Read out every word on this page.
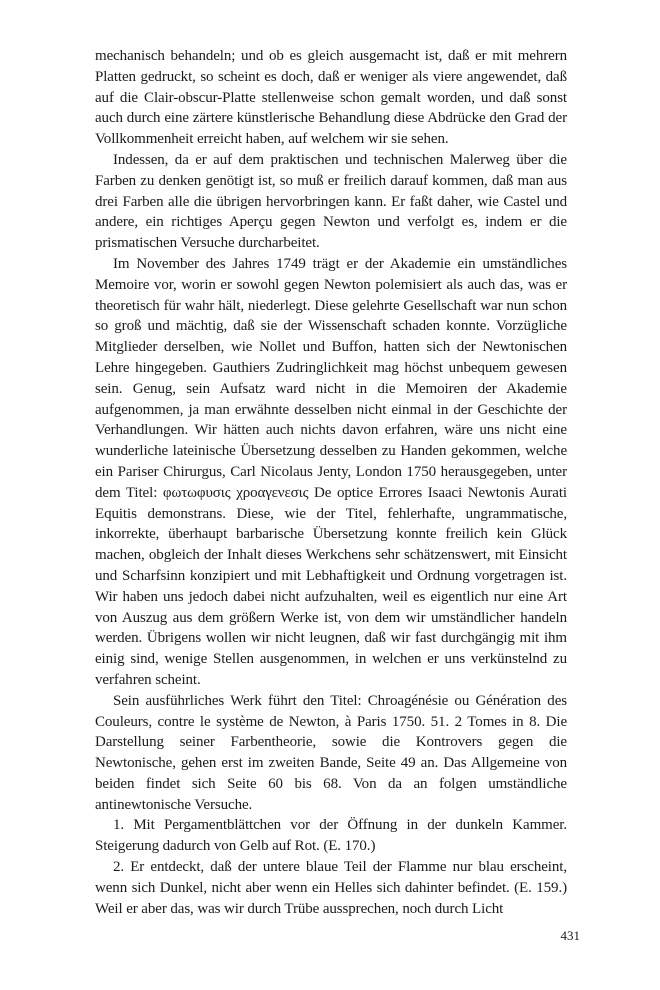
mechanisch behandeln; und ob es gleich ausgemacht ist, daß er mit mehrern Platten gedruckt, so scheint es doch, daß er weniger als viere angewendet, daß auf die Clair-obscur-Platte stellenweise schon gemalt worden, und daß sonst auch durch eine zärtere künstlerische Behandlung diese Abdrücke den Grad der Vollkommenheit erreicht haben, auf welchem wir sie sehen.

Indessen, da er auf dem praktischen und technischen Malerweg über die Farben zu denken genötigt ist, so muß er freilich darauf kommen, daß man aus drei Farben alle die übrigen hervorbringen kann. Er faßt daher, wie Castel und andere, ein richtiges Aperçu gegen Newton und verfolgt es, indem er die prismatischen Versuche durcharbeitet.

Im November des Jahres 1749 trägt er der Akademie ein umständliches Memoire vor, worin er sowohl gegen Newton polemisiert als auch das, was er theoretisch für wahr hält, niederlegt. Diese gelehrte Gesellschaft war nun schon so groß und mächtig, daß sie der Wissenschaft schaden konnte. Vorzügliche Mitglieder derselben, wie Nollet und Buffon, hatten sich der Newtonischen Lehre hingegeben. Gauthiers Zudringlichkeit mag höchst unbequem gewesen sein. Genug, sein Aufsatz ward nicht in die Memoiren der Akademie aufgenommen, ja man erwähnte desselben nicht einmal in der Geschichte der Verhandlungen. Wir hätten auch nichts davon erfahren, wäre uns nicht eine wunderliche lateinische Übersetzung desselben zu Handen gekommen, welche ein Pariser Chirurgus, Carl Nicolaus Jenty, London 1750 herausgegeben, unter dem Titel: φωτωφυσις χροαγενεσις De optice Errores Isaaci Newtonis Aurati Equitis demonstrans. Diese, wie der Titel, fehlerhafte, ungrammatische, inkorrekte, überhaupt barbarische Übersetzung konnte freilich kein Glück machen, obgleich der Inhalt dieses Werkchens sehr schätzenswert, mit Einsicht und Scharfsinn konzipiert und mit Lebhaftigkeit und Ordnung vorgetragen ist. Wir haben uns jedoch dabei nicht aufzuhalten, weil es eigentlich nur eine Art von Auszug aus dem größern Werke ist, von dem wir umständlicher handeln werden. Übrigens wollen wir nicht leugnen, daß wir fast durchgängig mit ihm einig sind, wenige Stellen ausgenommen, in welchen er uns verkünstelnd zu verfahren scheint.

Sein ausführliches Werk führt den Titel: Chroagénésie ou Génération des Couleurs, contre le système de Newton, à Paris 1750. 51. 2 Tomes in 8. Die Darstellung seiner Farbentheorie, sowie die Kontrovers gegen die Newtonische, gehen erst im zweiten Bande, Seite 49 an. Das Allgemeine von beiden findet sich Seite 60 bis 68. Von da an folgen umständliche antinewtonische Versuche.

1. Mit Pergamentblättchen vor der Öffnung in der dunkeln Kammer. Steigerung dadurch von Gelb auf Rot. (E. 170.)

2. Er entdeckt, daß der untere blaue Teil der Flamme nur blau erscheint, wenn sich Dunkel, nicht aber wenn ein Helles sich dahinter befindet. (E. 159.) Weil er aber das, was wir durch Trübe aussprechen, noch durch Licht

431
